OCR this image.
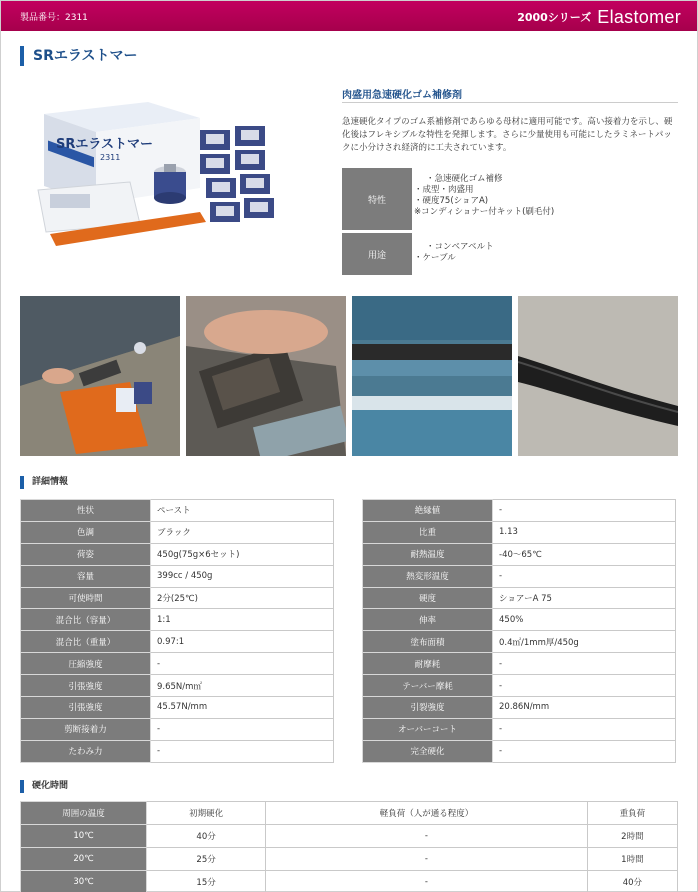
製品番号：2311	2000シリーズ Elastomer
SRエラストマー
SRエラストマー
2311
肉盛用急速硬化ゴム補修剤
急速硬化タイプのゴム系補修剤であらゆる母材に適用可能です。高い接着力を示し、硬化後はフレキシブルな特性を発揮します。さらに少量使用も可能にしたラミネートパックに小分けされ経済的に工夫されています。
特性
・急速硬化ゴム補修
・成型・肉盛用
・硬度75(ショアA)
※コンディショナー付キット(刷毛付)
用途
・コンベアベルト
・ケーブル
詳細情報
性状	ペースト
色調	ブラック
荷姿	450g(75g×6セット)
容量	399cc / 450g
可使時間	2分(25℃)
混合比（容量）	1:1
混合比（重量）	0.97:1
圧縮強度	-
引張強度	9.65N/m㎡
引張強度	45.57N/mm
剪断接着力	-
たわみ力	-
絶縁値	-
比重	1.13
耐熱温度	-40～65℃
熱変形温度	-
硬度	ショアーA 75
伸率	450%
塗布面積	0.4㎡/1mm厚/450g
耐摩耗	-
テーバー摩耗	-
引裂強度	20.86N/mm
オーバーコート	-
完全硬化	-
硬化時間
周囲の温度	初期硬化	軽負荷（人が通る程度）	重負荷
10℃	40分	-	2時間
20℃	25分	-	1時間
30℃	15分	-	40分
